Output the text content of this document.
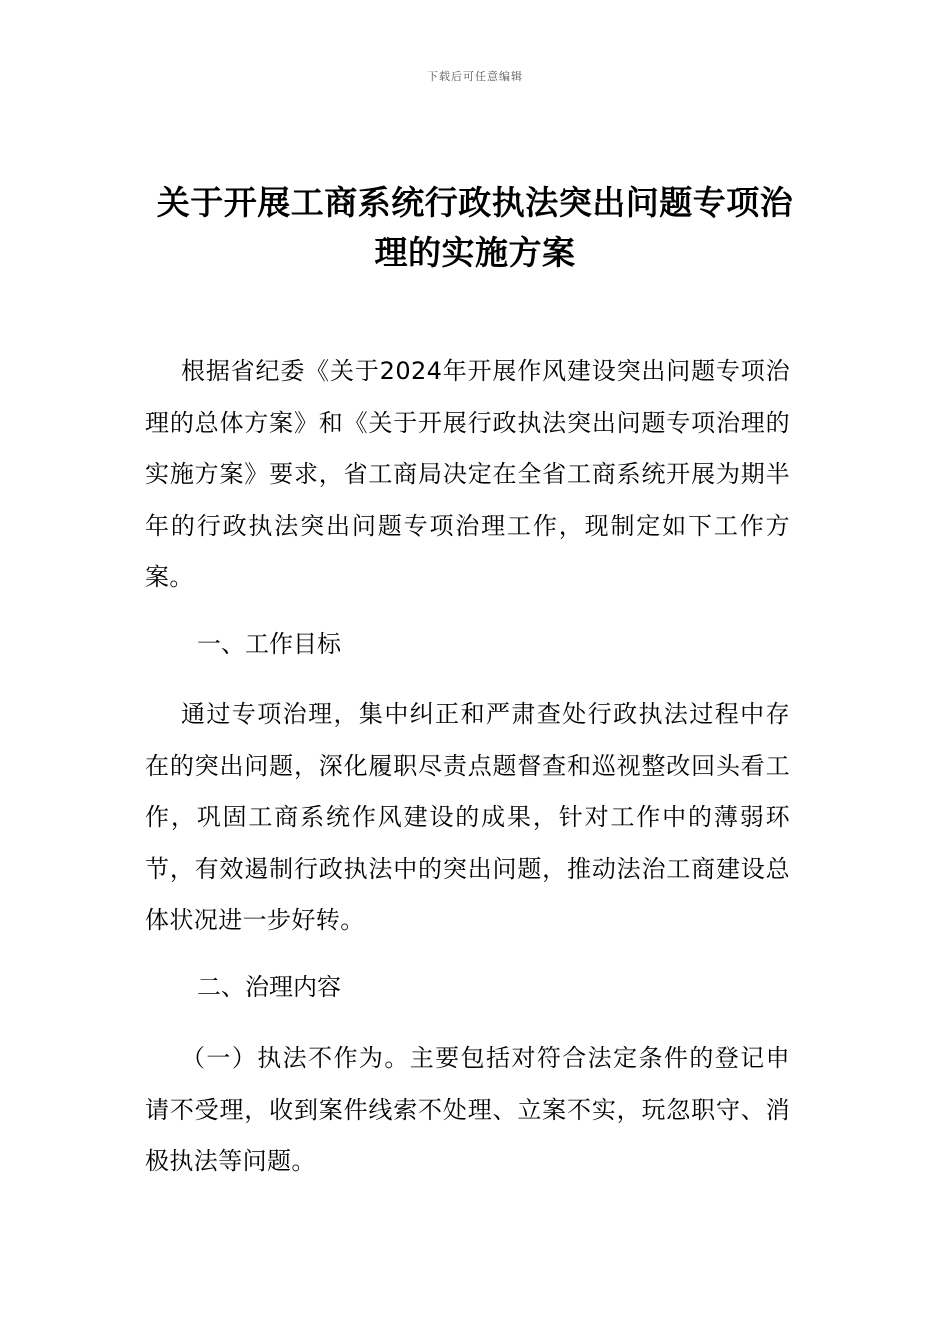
下载后可任意编辑
关于开展工商系统行政执法突出问题专项治理的实施方案
根据省纪委《关于2024年开展作风建设突出问题专项治理的总体方案》和《关于开展行政执法突出问题专项治理的实施方案》要求，省工商局决定在全省工商系统开展为期半年的行政执法突出问题专项治理工作，现制定如下工作方案。
一、工作目标
通过专项治理，集中纠正和严肃查处行政执法过程中存在的突出问题，深化履职尽责点题督查和巡视整改回头看工作，巩固工商系统作风建设的成果，针对工作中的薄弱环节，有效遏制行政执法中的突出问题，推动法治工商建设总体状况进一步好转。
二、治理内容
（一）执法不作为。主要包括对符合法定条件的登记申请不受理，收到案件线索不处理、立案不实，玩忽职守、消极执法等问题。
